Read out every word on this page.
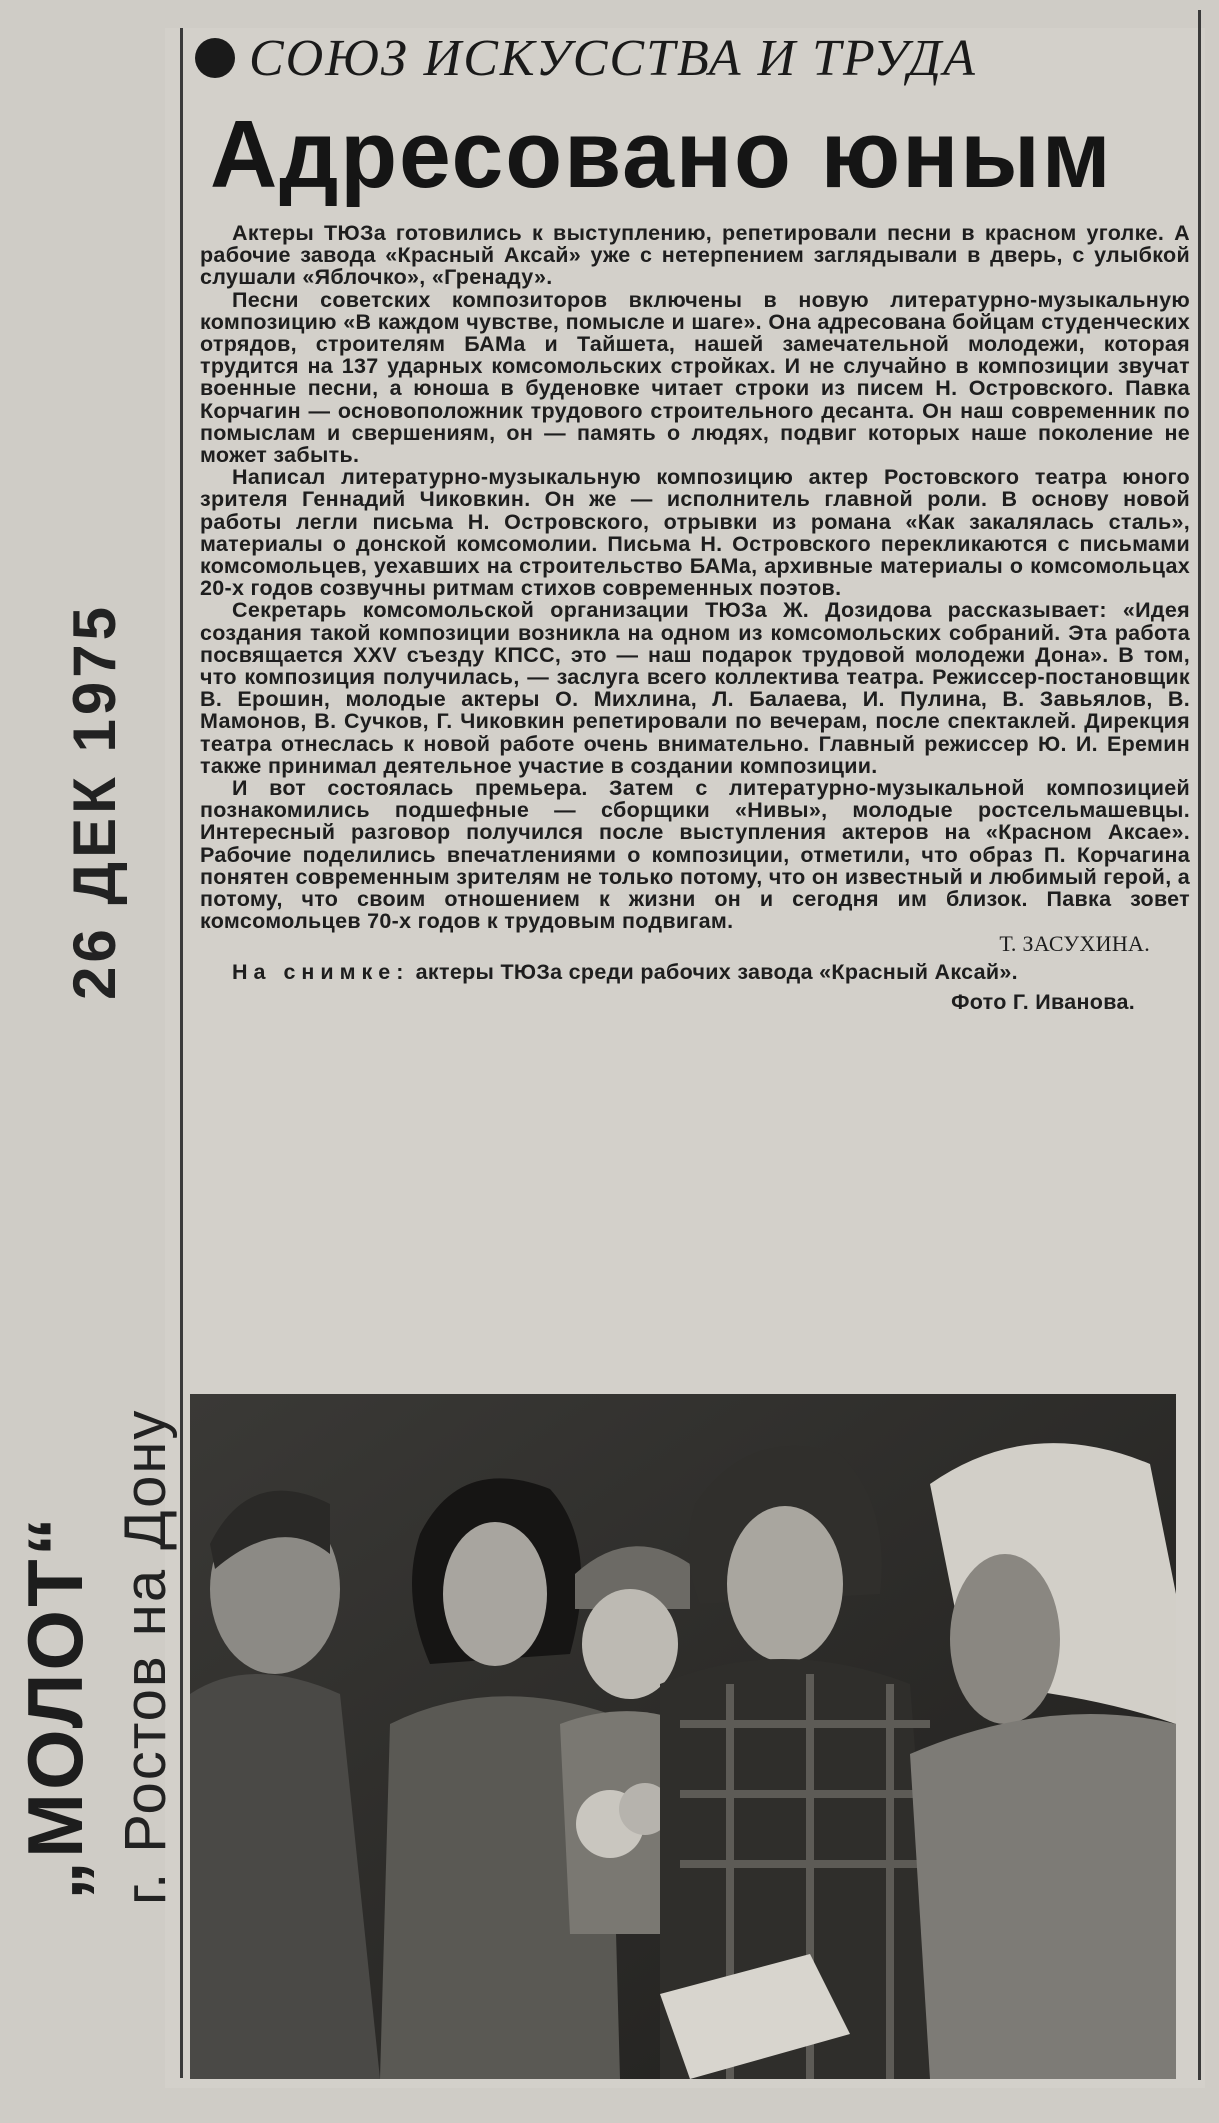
СОЮЗ ИСКУССТВА И ТРУДА
Адресовано юным

Актеры ТЮЗа готовились к выступлению, репетировали песни в красном уголке. А рабочие завода «Красный Аксай» уже с нетерпением заглядывали в дверь, с улыбкой слушали «Яблочко», «Гренаду».

Песни советских композиторов включены в новую литературно-музыкальную композицию «В каждом чувстве, помысле и шаге». Она адресована бойцам студенческих отрядов, строителям БАМа и Тайшета, нашей замечательной молодежи, которая трудится на 137 ударных комсомольских стройках. И не случайно в композиции звучат военные песни, а юноша в буденовке читает строки из писем Н. Островского. Павка Корчагин — основоположник трудового строительного десанта. Он наш современник по помыслам и свершениям, он — память о людях, подвиг которых наше поколение не может забыть.

Написал литературно-музыкальную композицию актер Ростовского театра юного зрителя Геннадий Чиковкин. Он же — исполнитель главной роли. В основу новой работы легли письма Н. Островского, отрывки из романа «Как закалялась сталь», материалы о донской комсомолии. Письма Н. Островского перекликаются с письмами комсомольцев, уехавших на строительство БАМа, архивные материалы о комсомольцах 20-х годов созвучны ритмам стихов современных поэтов.

Секретарь комсомольской организации ТЮЗа Ж. Дозидова рассказывает: «Идея создания такой композиции возникла на одном из комсомольских собраний. Эта работа посвящается XXV съезду КПСС, это — наш подарок трудовой молодежи Дона». В том, что композиция получилась, — заслуга всего коллектива театра. Режиссер-постановщик В. Ерошин, молодые актеры О. Михлина, Л. Балаева, И. Пулина, В. Завьялов, В. Мамонов, В. Сучков, Г. Чиковкин репетировали по вечерам, после спектаклей. Дирекция театра отнеслась к новой работе очень внимательно. Главный режиссер Ю. И. Еремин также принимал деятельное участие в создании композиции.

И вот состоялась премьера. Затем с литературно-музыкальной композицией познакомились подшефные — сборщики «Нивы», молодые ростсельмашевцы. Интересный разговор получился после выступления актеров на «Красном Аксае». Рабочие поделились впечатлениями о композиции, отметили, что образ П. Корчагина понятен современным зрителям не только потому, что он известный и любимый герой, а потому, что своим отношением к жизни он и сегодня им близок. Павка зовет комсомольцев 70-х годов к трудовым подвигам.

Т. ЗАСУХИНА.
На снимке: актеры ТЮЗа среди рабочих завода «Красный Аксай».
Фото Г. Иванова.
26 ДЕК 1975
„МОЛОТ“ г. Ростов на Дону
